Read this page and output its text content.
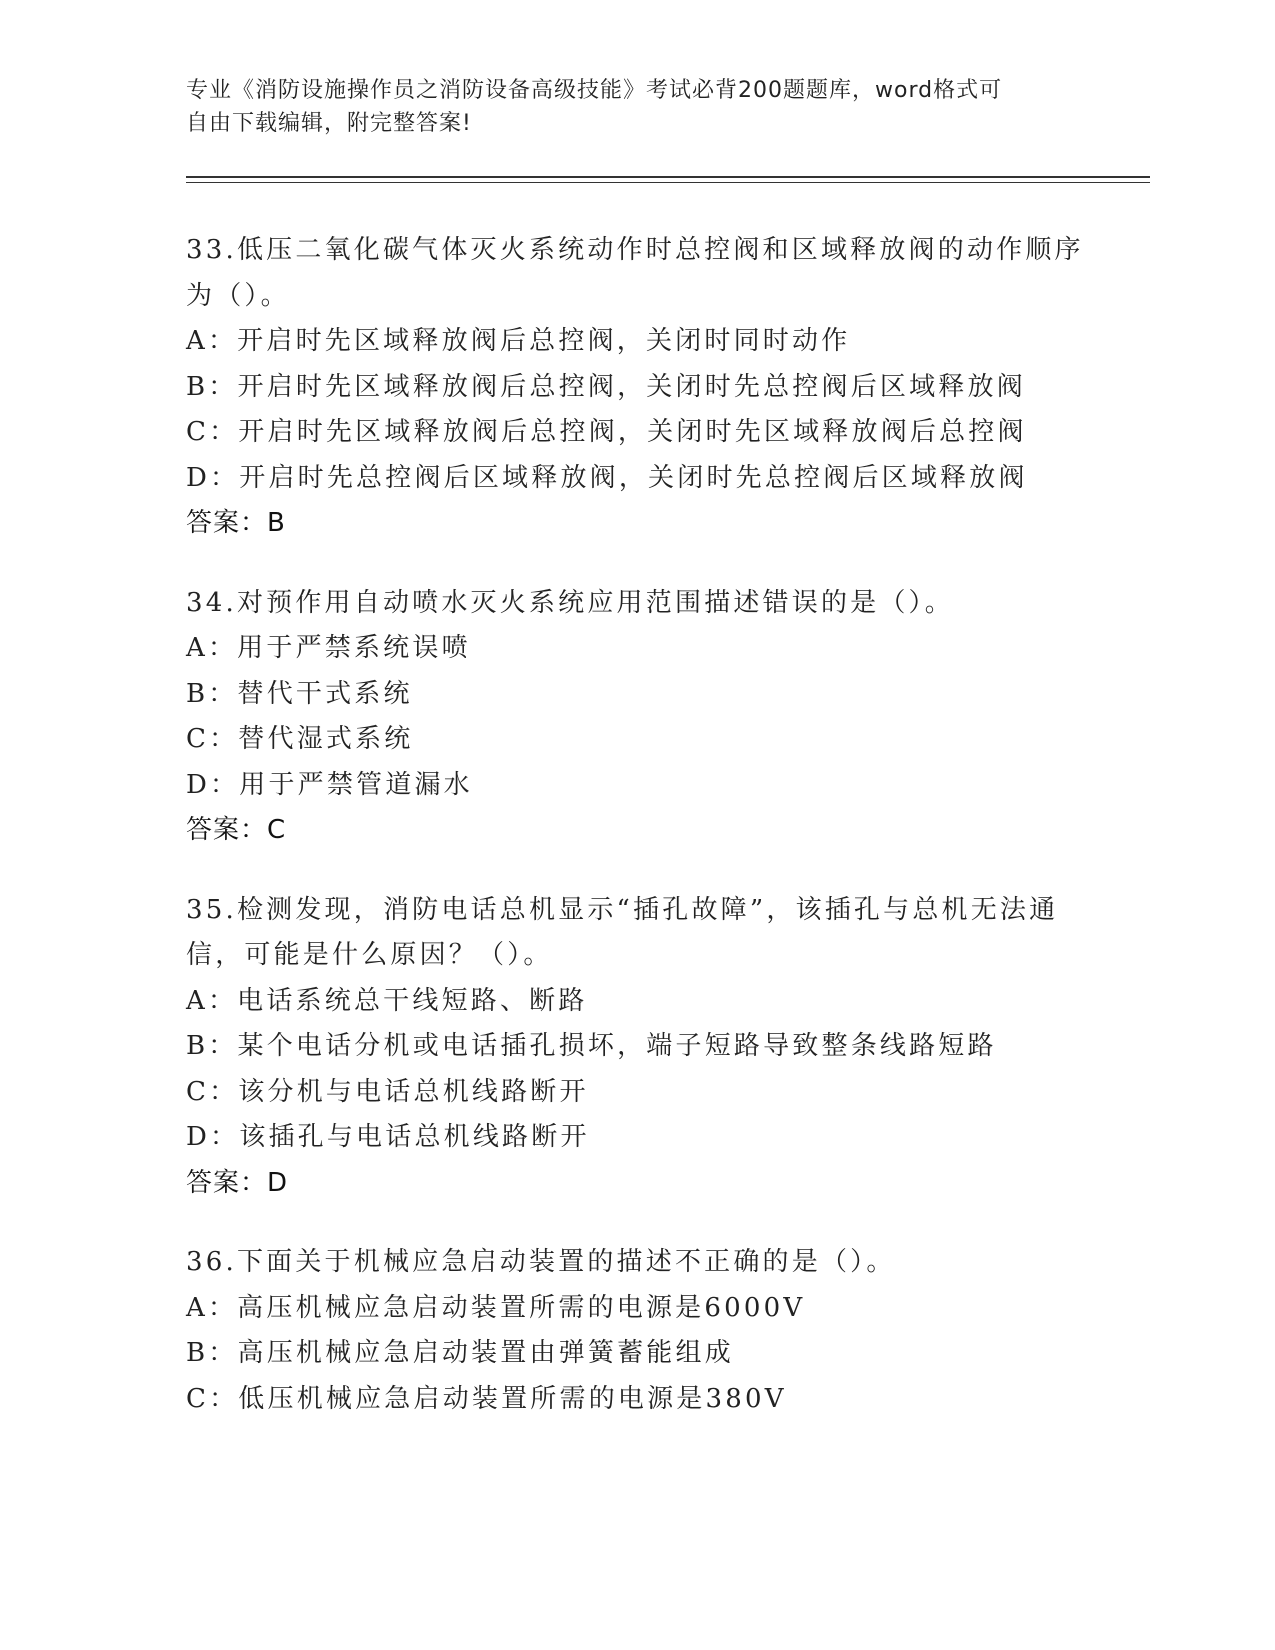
专业《消防设施操作员之消防设备高级技能》考试必背200题题库，word格式可
自由下载编辑，附完整答案!
33.低压二氧化碳气体灭火系统动作时总控阀和区域释放阀的动作顺序
为（）。
A：开启时先区域释放阀后总控阀，关闭时同时动作
B：开启时先区域释放阀后总控阀，关闭时先总控阀后区域释放阀
C：开启时先区域释放阀后总控阀，关闭时先区域释放阀后总控阀
D：开启时先总控阀后区域释放阀，关闭时先总控阀后区域释放阀
答案：B
34.对预作用自动喷水灭火系统应用范围描述错误的是（）。
A：用于严禁系统误喷
B：替代干式系统
C：替代湿式系统
D：用于严禁管道漏水
答案：C
35.检测发现，消防电话总机显示“插孔故障”，该插孔与总机无法通
信，可能是什么原因？（）。
A：电话系统总干线短路、断路
B：某个电话分机或电话插孔损坏，端子短路导致整条线路短路
C：该分机与电话总机线路断开
D：该插孔与电话总机线路断开
答案：D
36.下面关于机械应急启动装置的描述不正确的是（）。
A：高压机械应急启动装置所需的电源是6000V
B：高压机械应急启动装置由弹簧蓄能组成
C：低压机械应急启动装置所需的电源是380V
